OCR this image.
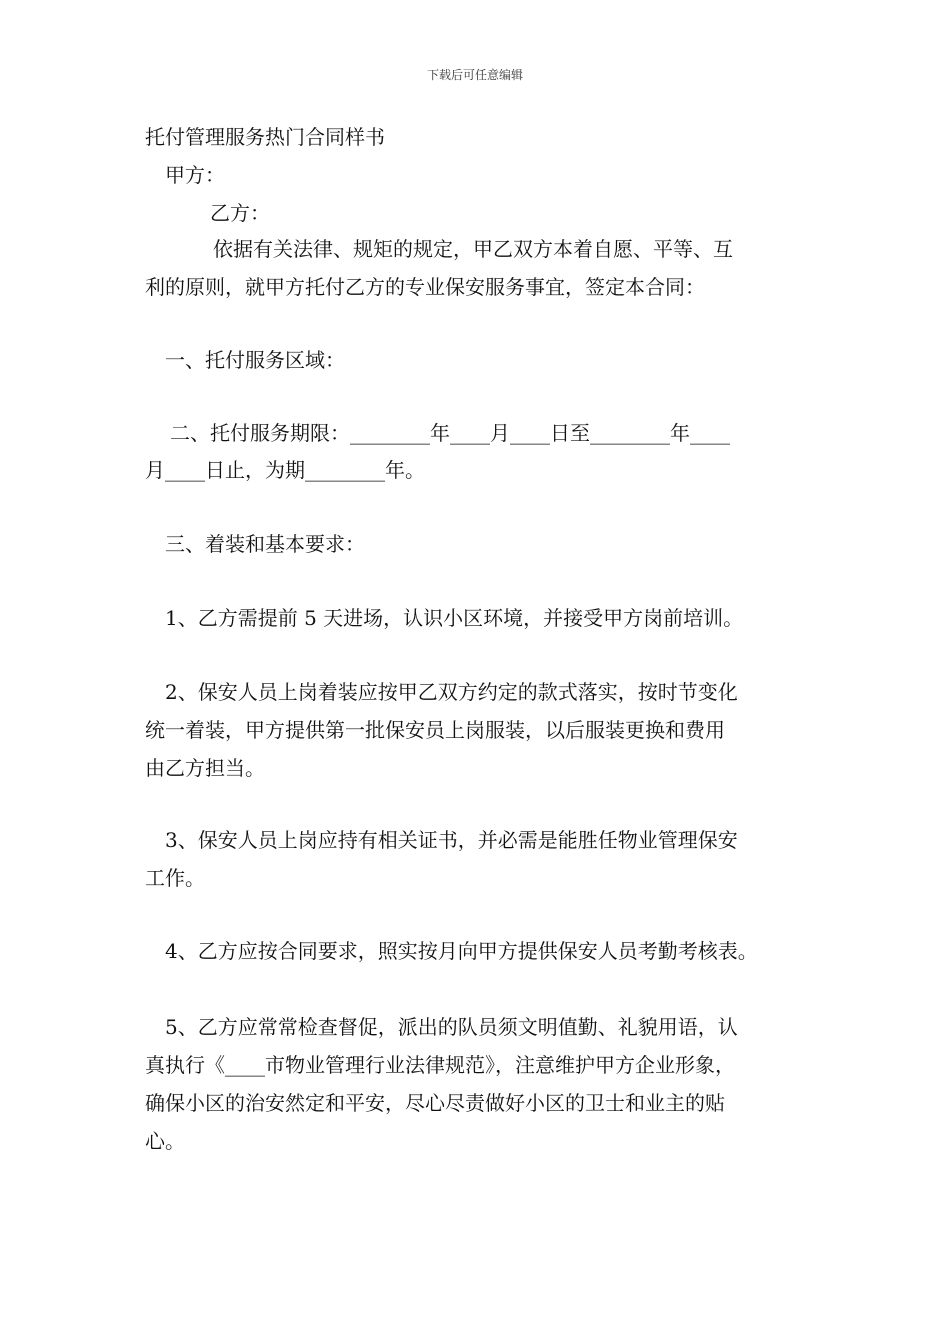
下载后可任意编辑
托付管理服务热门合同样书
甲方：
乙方：
依据有关法律、规矩的规定，甲乙双方本着自愿、平等、互
利的原则，就甲方托付乙方的专业保安服务事宜，签定本合同：
一、托付服务区域：
二、托付服务期限：________年____月____日至________年____
月____日止，为期________年。
三、着装和基本要求：
1、乙方需提前 5 天进场，认识小区环境，并接受甲方岗前培训。
2、保安人员上岗着装应按甲乙双方约定的款式落实，按时节变化
统一着装，甲方提供第一批保安员上岗服装，以后服装更换和费用
由乙方担当。
3、保安人员上岗应持有相关证书，并必需是能胜任物业管理保安
工作。
4、乙方应按合同要求，照实按月向甲方提供保安人员考勤考核表。
5、乙方应常常检查督促，派出的队员须文明值勤、礼貌用语，认
真执行《____市物业管理行业法律规范》，注意维护甲方企业形象，
确保小区的治安然定和平安，尽心尽责做好小区的卫士和业主的贴
心。
